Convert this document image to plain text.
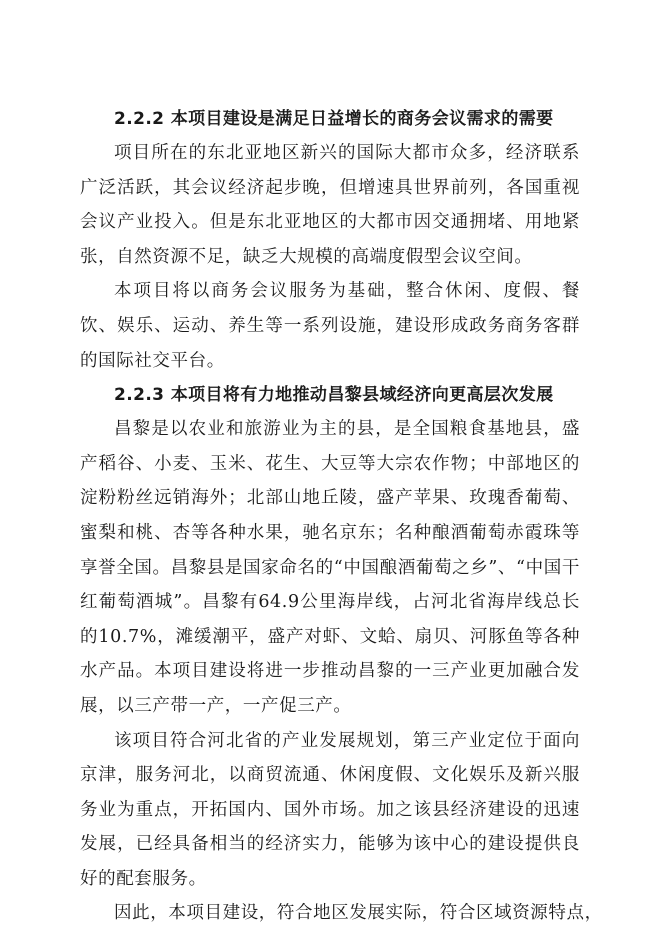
2.2.2 本项目建设是满足日益增长的商务会议需求的需要

项目所在的东北亚地区新兴的国际大都市众多，经济联系广泛活跃，其会议经济起步晚，但增速具世界前列，各国重视会议产业投入。但是东北亚地区的大都市因交通拥堵、用地紧张，自然资源不足，缺乏大规模的高端度假型会议空间。

本项目将以商务会议服务为基础，整合休闲、度假、餐饮、娱乐、运动、养生等一系列设施，建设形成政务商务客群的国际社交平台。

2.2.3 本项目将有力地推动昌黎县域经济向更高层次发展

昌黎是以农业和旅游业为主的县，是全国粮食基地县，盛产稻谷、小麦、玉米、花生、大豆等大宗农作物；中部地区的淀粉粉丝远销海外；北部山地丘陵，盛产苹果、玫瑰香葡萄、蜜梨和桃、杏等各种水果，驰名京东；名种酿酒葡萄赤霞珠等享誉全国。昌黎县是国家命名的“中国酿酒葡萄之乡”、“中国干红葡萄酒城”。昌黎有64.9公里海岸线，占河北省海岸线总长的10.7%，滩缓潮平，盛产对虾、文蛤、扇贝、河豚鱼等各种水产品。本项目建设将进一步推动昌黎的一三产业更加融合发展，以三产带一产，一产促三产。

该项目符合河北省的产业发展规划，第三产业定位于面向京津，服务河北，以商贸流通、休闲度假、文化娱乐及新兴服务业为重点，开拓国内、国外市场。加之该县经济建设的迅速发展，已经具备相当的经济实力，能够为该中心的建设提供良好的配套服务。

因此，本项目建设，符合地区发展实际，符合区域资源特点，
